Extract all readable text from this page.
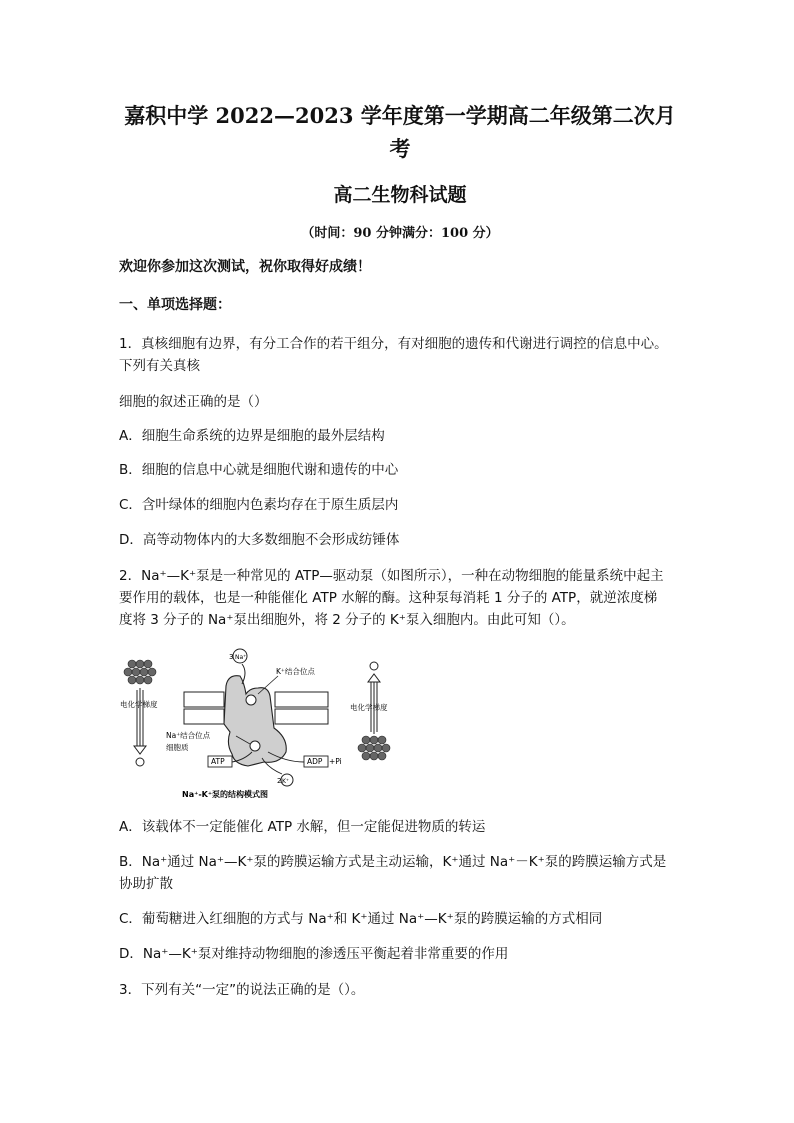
嘉积中学 2022—2023 学年度第一学期高二年级第二次月
考
高二生物科试题
（时间：90 分钟满分：100 分）
欢迎你参加这次测试，祝你取得好成绩！
一、单项选择题：
1．真核细胞有边界，有分工合作的若干组分，有对细胞的遗传和代谢进行调控的信息中心。
下列有关真核
细胞的叙述正确的是（）
A．细胞生命系统的边界是细胞的最外层结构
B．细胞的信息中心就是细胞代谢和遗传的中心
C．含叶绿体的细胞内色素均存在于原生质层内
D．高等动物体内的大多数细胞不会形成纺锤体
2．Na⁺—K⁺泵是一种常见的 ATP—驱动泵（如图所示），一种在动物细胞的能量系统中起主
要作用的载体，也是一种能催化 ATP 水解的酶。这种泵每消耗 1 分子的 ATP，就逆浓度梯
度将 3 分子的 Na⁺泵出细胞外，将 2 分子的 K⁺泵入细胞内。由此可知（）。
电化学梯度
3 Na⁺
K⁺结合位点
电化学梯度
Na⁺结合位点
细胞质
ATP	ADP +Pi
2 K⁺
Na⁺-K⁺泵的结构模式图
A．该载体不一定能催化 ATP 水解，但一定能促进物质的转运
B．Na⁺通过 Na⁺—K⁺泵的跨膜运输方式是主动运输，K⁺通过 Na⁺－K⁺泵的跨膜运输方式是
协助扩散
C．葡萄糖进入红细胞的方式与 Na⁺和 K⁺通过 Na⁺—K⁺泵的跨膜运输的方式相同
D．Na⁺—K⁺泵对维持动物细胞的渗透压平衡起着非常重要的作用
3．下列有关“一定”的说法正确的是（）。
